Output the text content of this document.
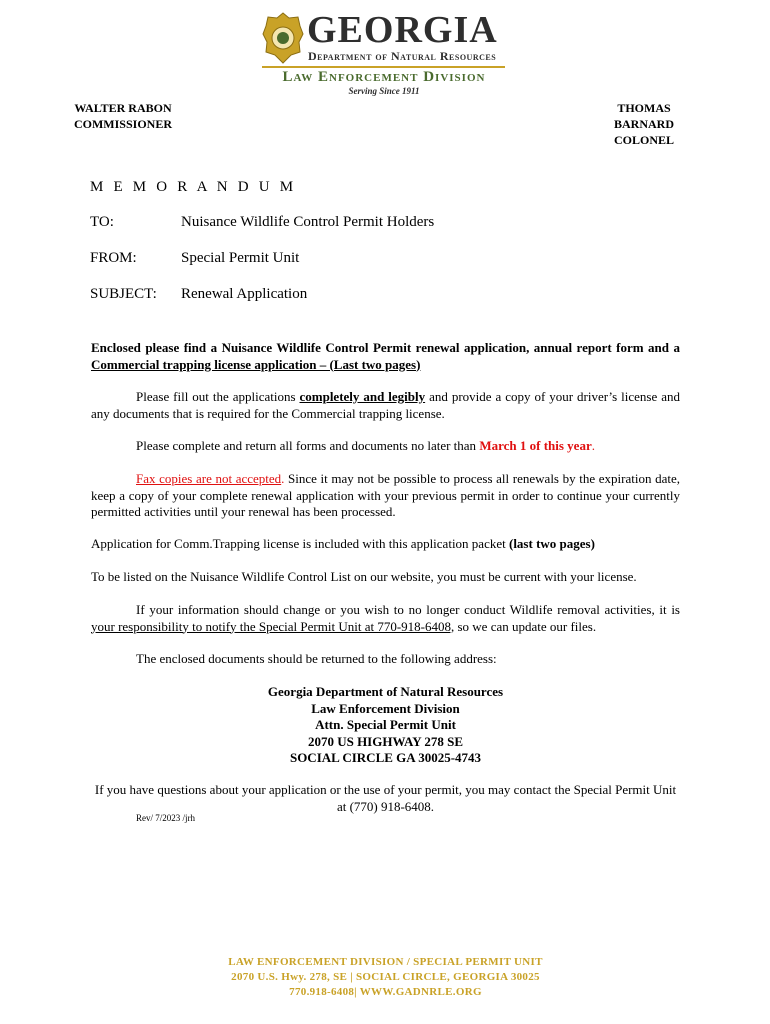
GEORGIA
Department of Natural Resources
Law Enforcement Division
Serving Since 1911
WALTER RABON
COMMISSIONER
THOMAS BARNARD
COLONEL
M E M O R A N D U M
TO:	Nuisance Wildlife Control Permit Holders
FROM:	Special Permit Unit
SUBJECT: Renewal Application
Enclosed please find a Nuisance Wildlife Control Permit renewal application, annual report form and a Commercial trapping license application – (Last two pages)
Please fill out the applications completely and legibly and provide a copy of your driver’s license and any documents that is required for the Commercial trapping license.
Please complete and return all forms and documents no later than March 1 of this year.
Fax copies are not accepted. Since it may not be possible to process all renewals by the expiration date, keep a copy of your complete renewal application with your previous permit in order to continue your currently permitted activities until your renewal has been processed.
Application for Comm.Trapping license is included with this application packet (last two pages)
To be listed on the Nuisance Wildlife Control List on our website, you must be current with your license.
If your information should change or you wish to no longer conduct Wildlife removal activities, it is your responsibility to notify the Special Permit Unit at 770-918-6408, so we can update our files.
The enclosed documents should be returned to the following address:
Georgia Department of Natural Resources
Law Enforcement Division
Attn. Special Permit Unit
2070 US HIGHWAY 278 SE
SOCIAL CIRCLE GA 30025-4743
If you have questions about your application or the use of your permit, you may contact the Special Permit Unit at (770) 918-6408.
Rev/ 7/2023 /jrh
LAW ENFORCEMENT DIVISION / SPECIAL PERMIT UNIT
2070 U.S. Hwy. 278, SE | SOCIAL CIRCLE, GEORGIA 30025
770.918-6408| WWW.GADNRLE.ORG
